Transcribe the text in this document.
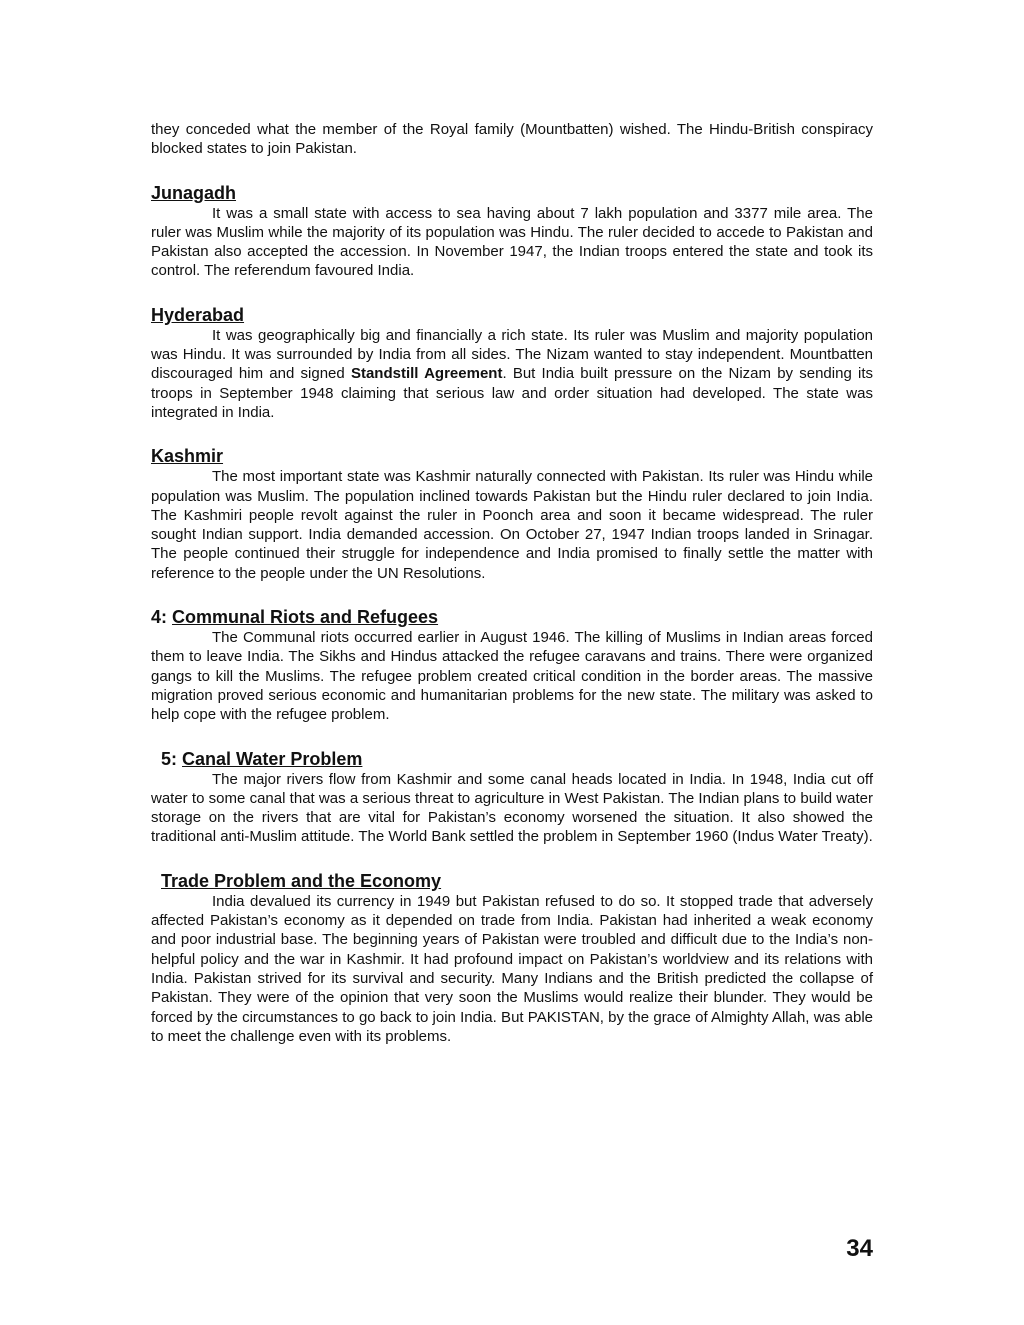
they conceded what the member of the Royal family (Mountbatten) wished. The Hindu-British conspiracy blocked states to join Pakistan.

Junagadh

It was a small state with access to sea having about 7 lakh population and 3377 mile area. The ruler was Muslim while the majority of its population was Hindu. The ruler decided to accede to Pakistan and Pakistan also accepted the accession. In November 1947, the Indian troops entered the state and took its control. The referendum favoured India.

Hyderabad

It was geographically big and financially a rich state. Its ruler was Muslim and majority population was Hindu. It was surrounded by India from all sides. The Nizam wanted to stay independent. Mountbatten discouraged him and signed Standstill Agreement. But India built pressure on the Nizam by sending its troops in September 1948 claiming that serious law and order situation had developed. The state was integrated in India.

Kashmir

The most important state was Kashmir naturally connected with Pakistan. Its ruler was Hindu while population was Muslim. The population inclined towards Pakistan but the Hindu ruler declared to join India. The Kashmiri people revolt against the ruler in Poonch area and soon it became widespread. The ruler sought Indian support. India demanded accession. On October 27, 1947 Indian troops landed in Srinagar. The people continued their struggle for independence and India promised to finally settle the matter with reference to the people under the UN Resolutions.

4: Communal Riots and Refugees

The Communal riots occurred earlier in August 1946. The killing of Muslims in Indian areas forced them to leave India. The Sikhs and Hindus attacked the refugee caravans and trains. There were organized gangs to kill the Muslims. The refugee problem created critical condition in the border areas. The massive migration proved serious economic and humanitarian problems for the new state. The military was asked to help cope with the refugee problem.

5: Canal Water Problem

The major rivers flow from Kashmir and some canal heads located in India. In 1948, India cut off water to some canal that was a serious threat to agriculture in West Pakistan. The Indian plans to build water storage on the rivers that are vital for Pakistan’s economy worsened the situation. It also showed the traditional anti-Muslim attitude. The World Bank settled the problem in September 1960 (Indus Water Treaty).

Trade Problem and the Economy

India devalued its currency in 1949 but Pakistan refused to do so. It stopped trade that adversely affected Pakistan’s economy as it depended on trade from India. Pakistan had inherited a weak economy and poor industrial base. The beginning years of Pakistan were troubled and difficult due to the India’s non-helpful policy and the war in Kashmir. It had profound impact on Pakistan’s worldview and its relations with India. Pakistan strived for its survival and security. Many Indians and the British predicted the collapse of Pakistan. They were of the opinion that very soon the Muslims would realize their blunder. They would be forced by the circumstances to go back to join India. But PAKISTAN, by the grace of Almighty Allah, was able to meet the challenge even with its problems.

34
